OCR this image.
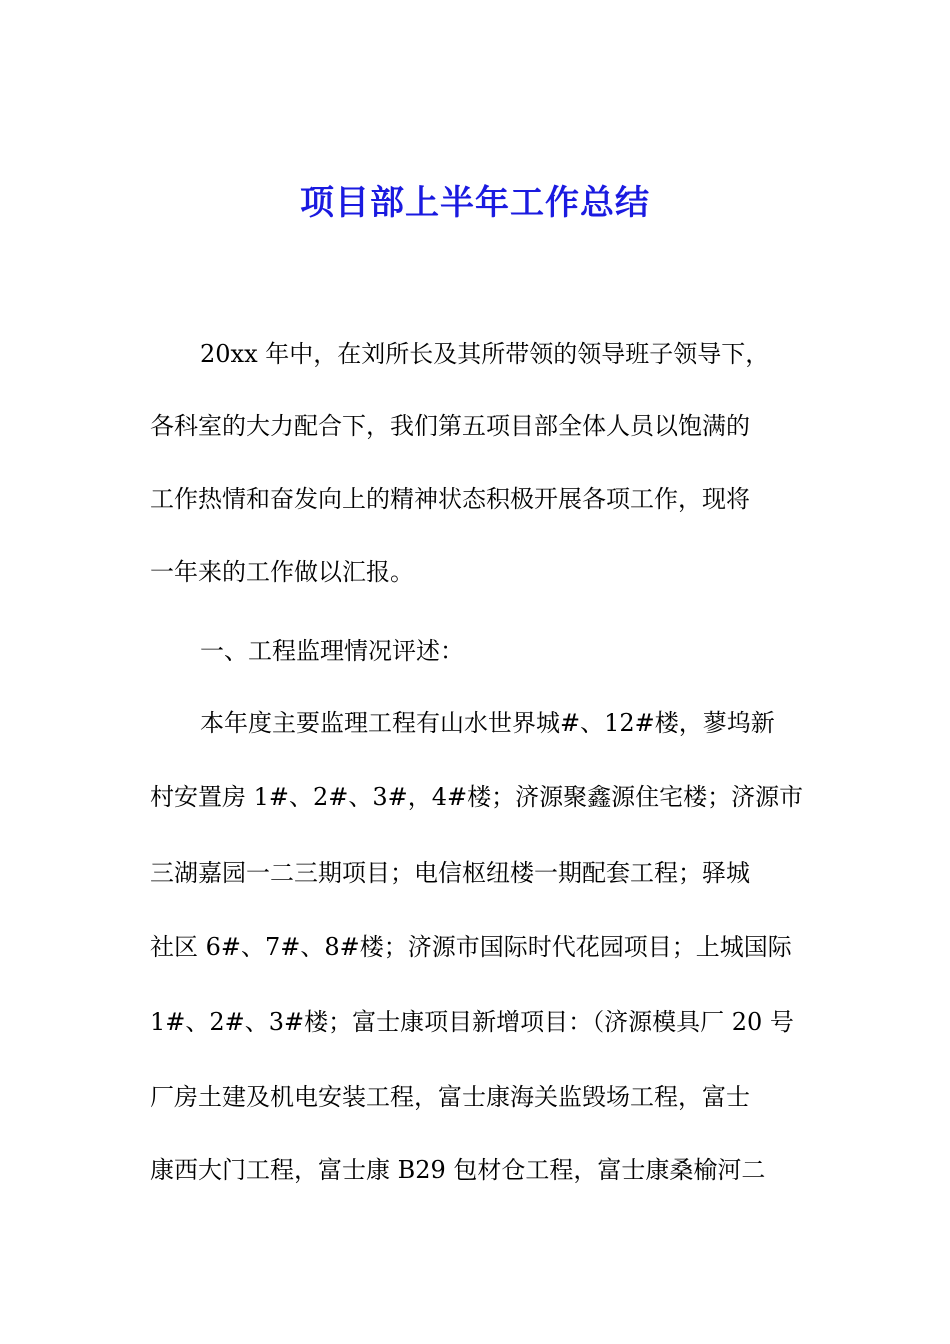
项目部上半年工作总结

20xx 年中，在刘所长及其所带领的领导班子领导下，

各科室的大力配合下，我们第五项目部全体人员以饱满的

工作热情和奋发向上的精神状态积极开展各项工作，现将

一年来的工作做以汇报。

一、工程监理情况评述：

本年度主要监理工程有山水世界城#、12#楼，蓼坞新

村安置房 1#、2#、3#，4#楼；济源聚鑫源住宅楼；济源市

三湖嘉园一二三期项目；电信枢纽楼一期配套工程；驿城

社区 6#、7#、8#楼；济源市国际时代花园项目；上城国际

1#、2#、3#楼；富士康项目新增项目：（济源模具厂 20 号

厂房土建及机电安装工程，富士康海关监毁场工程，富士

康西大门工程，富士康 B29 包材仓工程，富士康桑榆河二
